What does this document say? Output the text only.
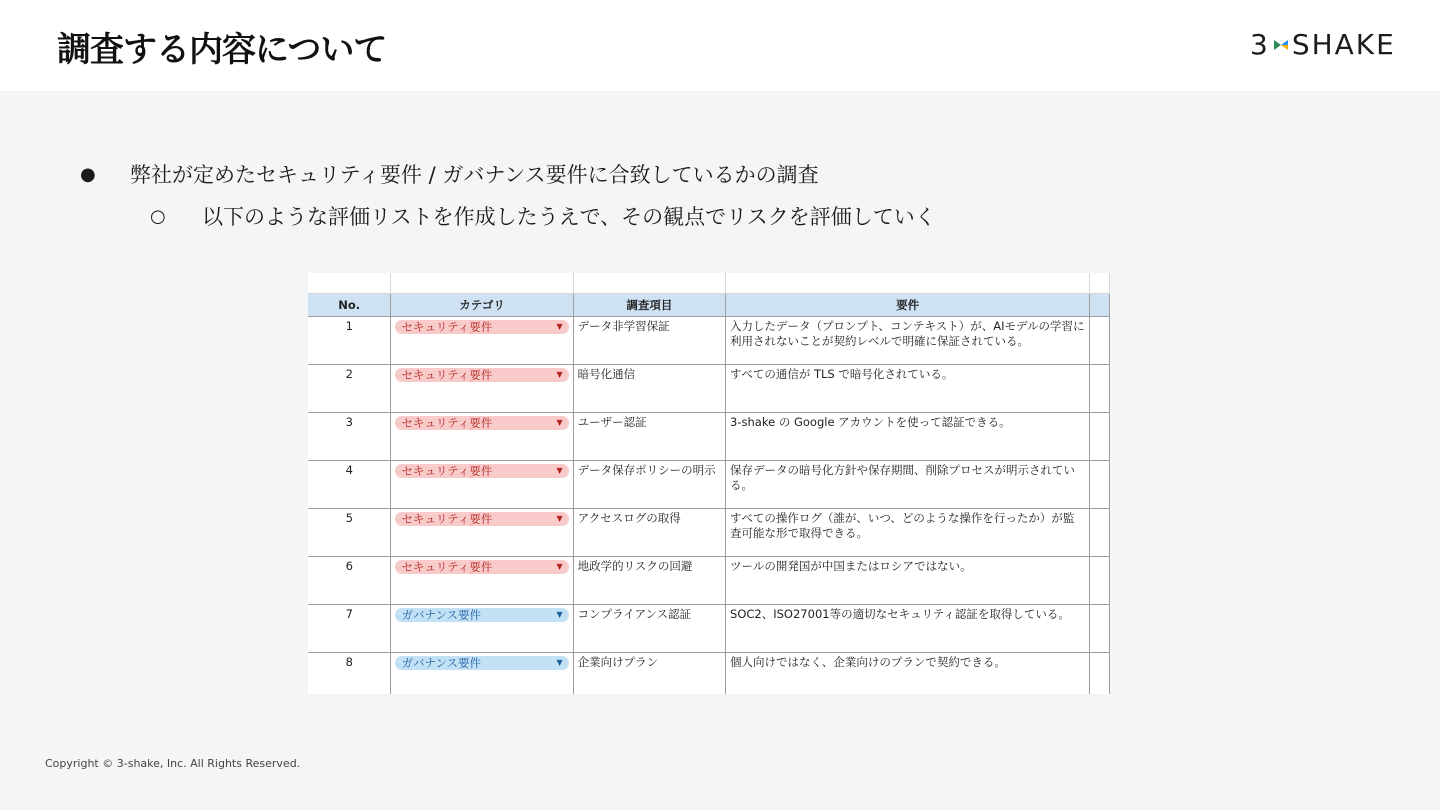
調査する内容について	3 SHAKE
● 弊社が定めたセキュリティ要件 / ガバナンス要件に合致しているかの調査
○ 以下のような評価リストを作成したうえで、その観点でリスクを評価していく

No.	カテゴリ	調査項目	要件	
1	セキュリティ要件 ▼	データ非学習保証	入力したデータ（プロンプト、コンテキスト）が、AIモデルの学習に利用されないことが契約レベルで明確に保証されている。	
2	セキュリティ要件 ▼	暗号化通信	すべての通信が TLS で暗号化されている。	
3	セキュリティ要件 ▼	ユーザー認証	3-shake の Google アカウントを使って認証できる。	
4	セキュリティ要件 ▼	データ保存ポリシーの明示	保存データの暗号化方針や保存期間、削除プロセスが明示されている。	
5	セキュリティ要件 ▼	アクセスログの取得	すべての操作ログ（誰が、いつ、どのような操作を行ったか）が監査可能な形で取得できる。	
6	セキュリティ要件 ▼	地政学的リスクの回避	ツールの開発国が中国またはロシアではない。	
7	ガバナンス要件 ▼	コンプライアンス認証	SOC2、ISO27001等の適切なセキュリティ認証を取得している。	
8	ガバナンス要件 ▼	企業向けプラン	個人向けではなく、企業向けのプランで契約できる。	

Copyright © 3-shake, Inc. All Rights Reserved.
